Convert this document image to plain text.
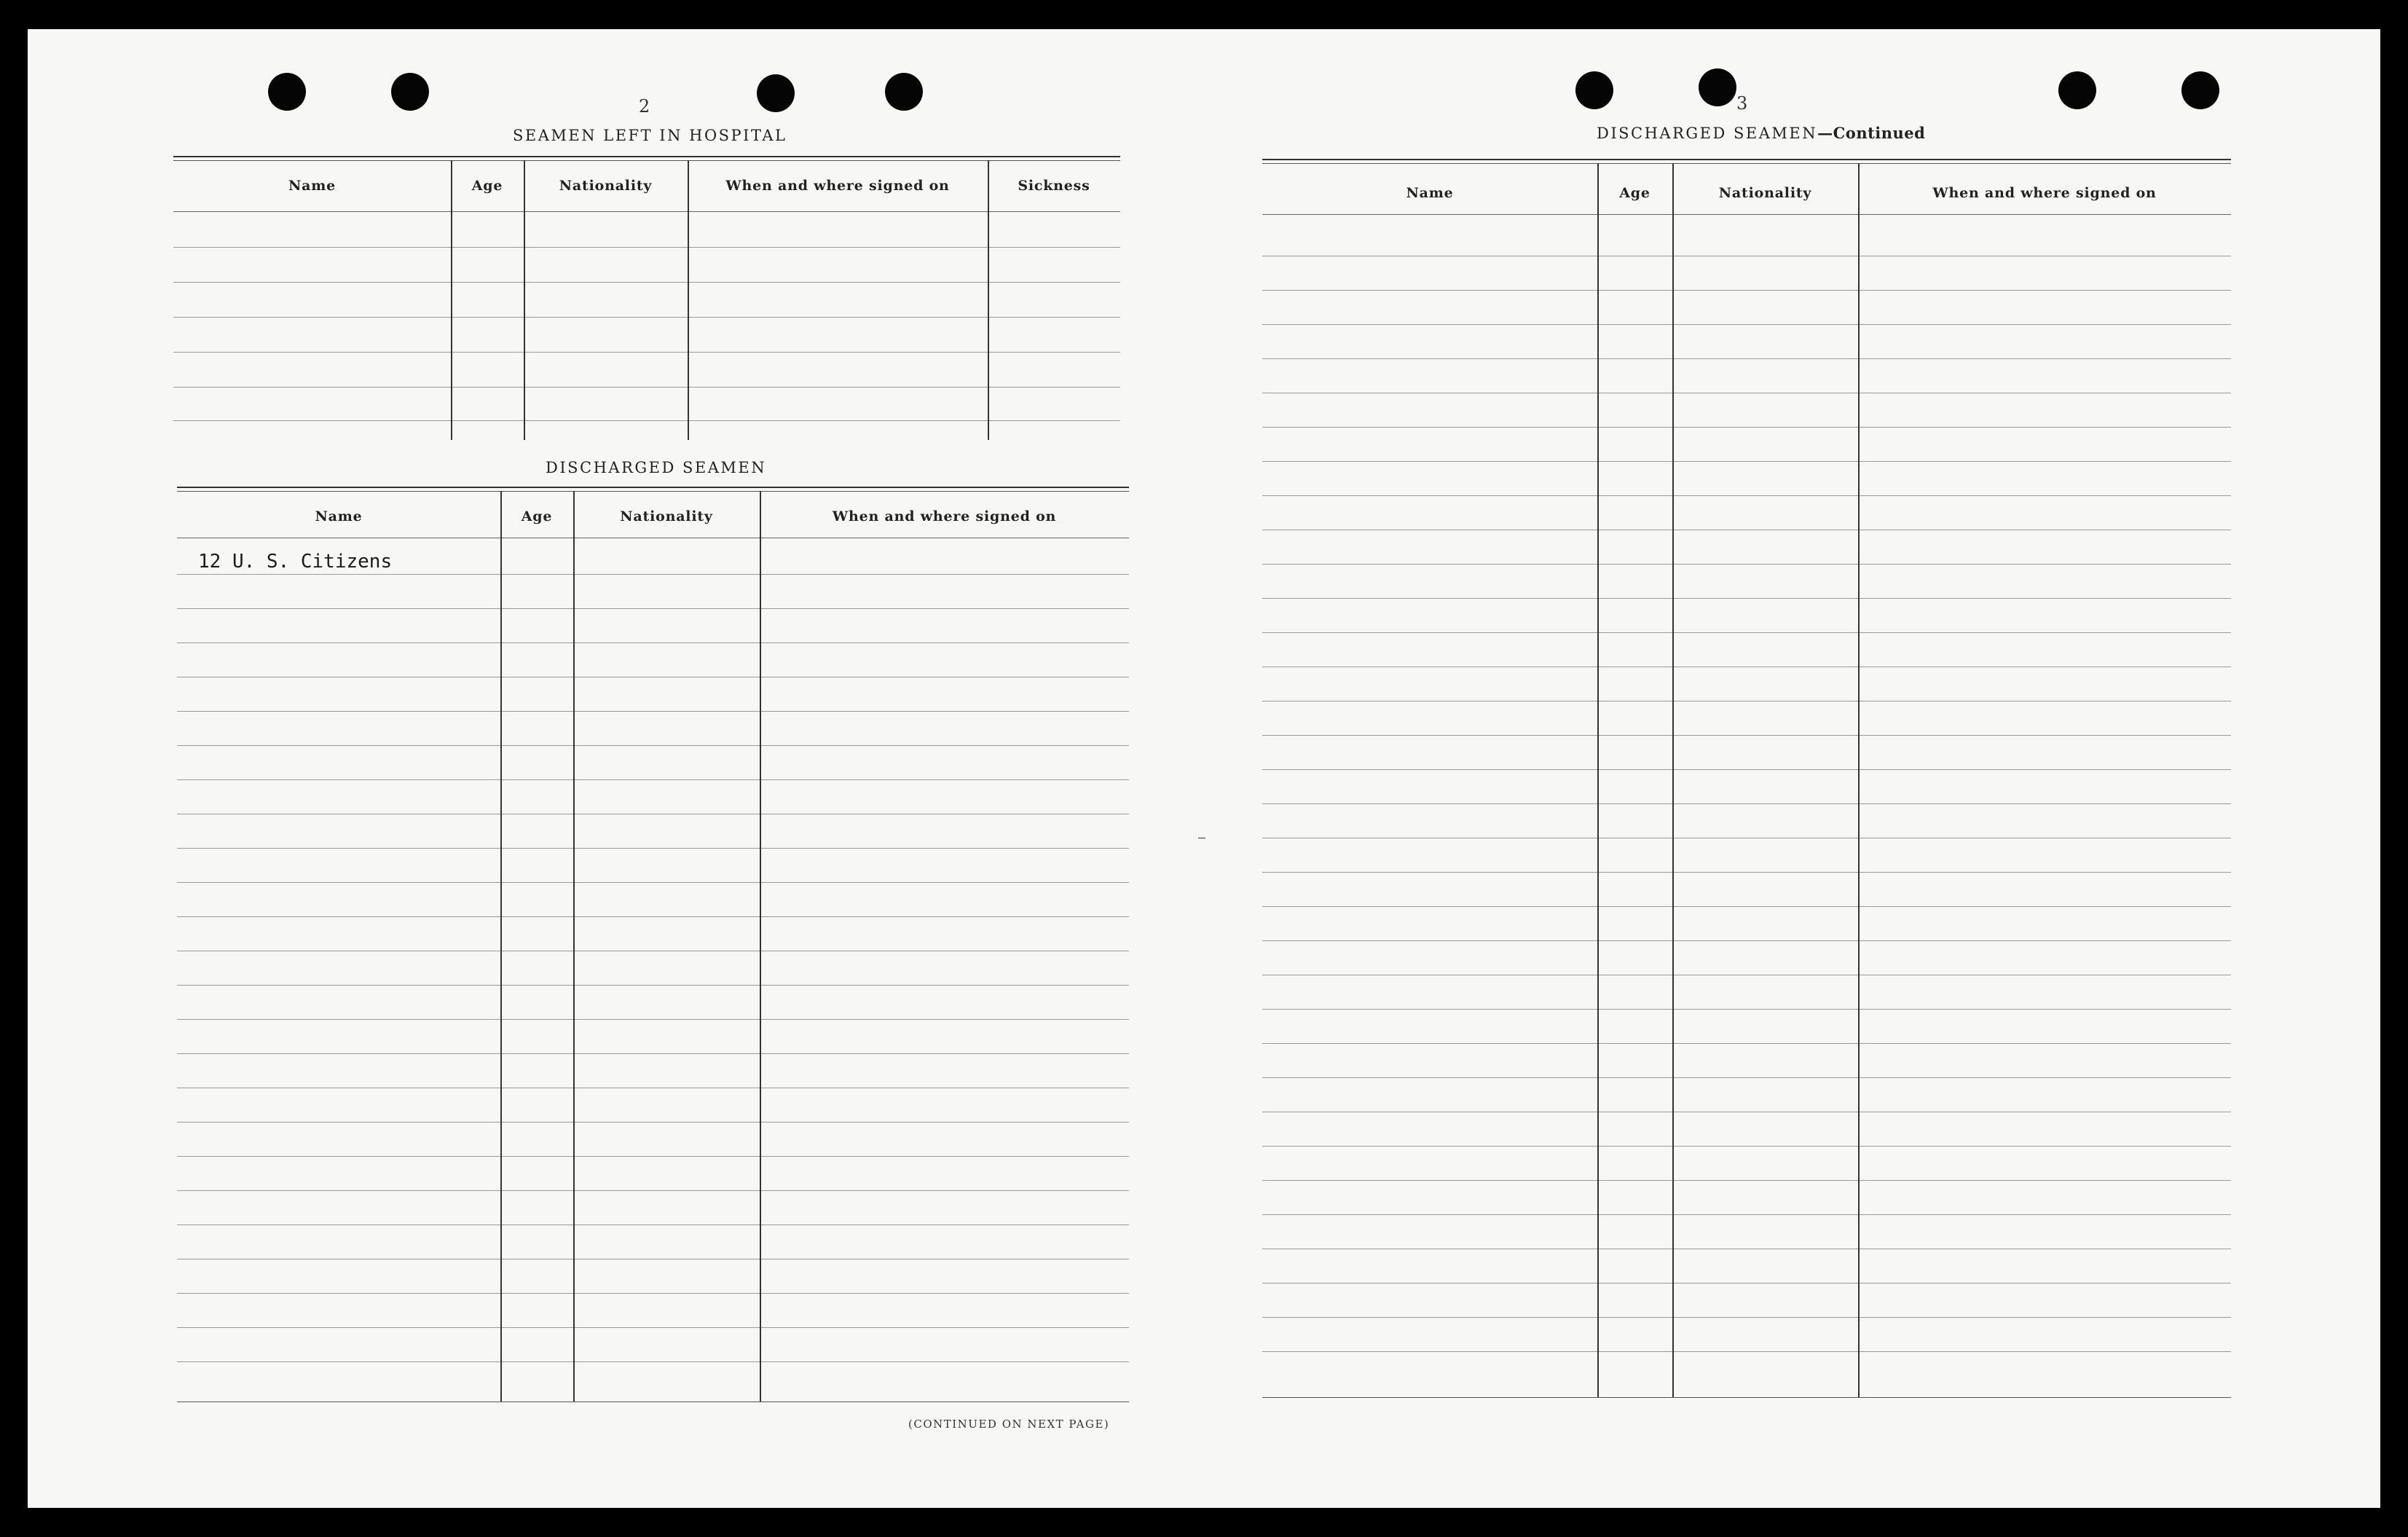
2
SEAMEN LEFT IN HOSPITAL
Name	Age	Nationality	When and where signed on	Sickness
DISCHARGED SEAMEN
Name	Age	Nationality	When and where signed on
12 U. S. Citizens
(CONTINUED ON NEXT PAGE)
3
DISCHARGED SEAMEN—Continued
Name	Age	Nationality	When and where signed on
